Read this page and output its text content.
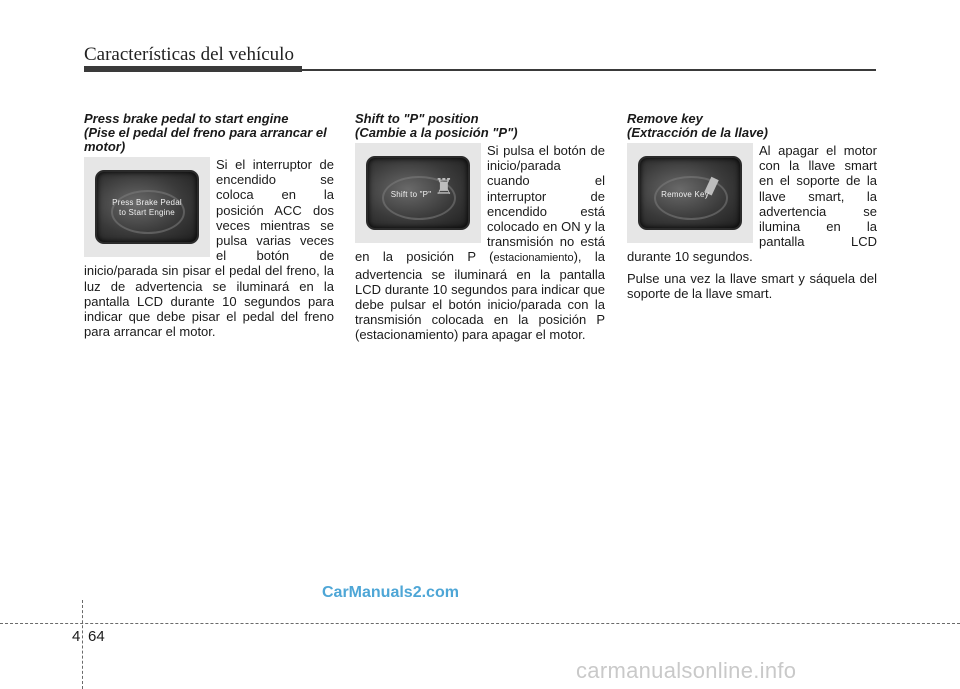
Características del vehículo
Press brake pedal to start engine
(Pise el pedal del freno para arrancar el motor)
Press Brake Pedal
to Start Engine
Si el interruptor de encendido se coloca en la posición ACC dos veces mientras se pulsa varias veces el botón de inicio/parada sin pisar el pedal del freno, la luz de advertencia se iluminará en la pantalla LCD durante 10 segundos para indicar que debe pisar el pedal del freno para arrancar el motor.
Shift to "P" position
(Cambie a la posición "P")
♜
Shift to "P"
Si pulsa el botón de inicio/parada cuando el interruptor de encendido está colocado en ON y la transmisión no está en la posición P (estacionamiento), la advertencia se iluminará en la pantalla LCD durante 10 segundos para indicar que debe pulsar el botón inicio/parada con la transmisión colocada en la posición P (estacionamiento) para apagar el motor.
Remove key
(Extracción de la llave)
▮
Remove Key
Al apagar el motor con la llave smart en el soporte de la llave smart, la advertencia se ilumina en la pantalla LCD durante 10 segundos.
Pulse una vez la llave smart y sáquela del soporte de la llave smart.
CarManuals2.com
4 64
carmanualsonline.info
